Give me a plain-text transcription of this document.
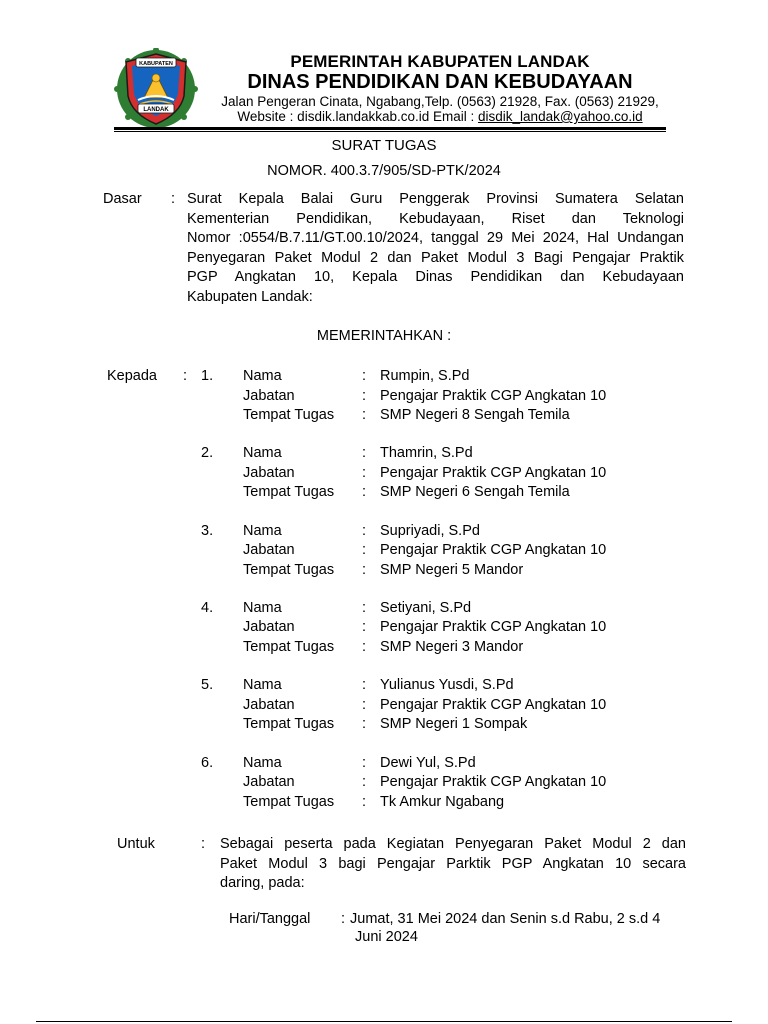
KABUPATEN
LANDAK
PEMERINTAH KABUPATEN LANDAK
DINAS PENDIDIKAN DAN KEBUDAYAAN
Jalan Pengeran Cinata, Ngabang,Telp. (0563) 21928, Fax. (0563) 21929,
Website : disdik.landakkab.co.id Email : disdik_landak@yahoo.co.id
SURAT TUGAS
NOMOR. 400.3.7/905/SD-PTK/2024
Dasar : Surat Kepala Balai Guru Penggerak Provinsi Sumatera Selatan
Kementerian Pendidikan, Kebudayaan, Riset dan Teknologi
Nomor :0554/B.7.11/GT.00.10/2024, tanggal 29 Mei 2024, Hal Undangan
Penyegaran Paket Modul 2 dan Paket Modul 3 Bagi Pengajar Praktik
PGP Angkatan 10, Kepala Dinas Pendidikan dan Kebudayaan
Kabupaten Landak:
MEMERINTAHKAN :
Kepada : 1. Nama	: Rumpin, S.Pd
Jabatan	: Pengajar Praktik CGP Angkatan 10
Tempat Tugas : SMP Negeri 8 Sengah Temila
2. Nama	: Thamrin, S.Pd
Jabatan	: Pengajar Praktik CGP Angkatan 10
Tempat Tugas : SMP Negeri 6 Sengah Temila
3. Nama	: Supriyadi, S.Pd
Jabatan	: Pengajar Praktik CGP Angkatan 10
Tempat Tugas : SMP Negeri 5 Mandor
4. Nama	: Setiyani, S.Pd
Jabatan	: Pengajar Praktik CGP Angkatan 10
Tempat Tugas : SMP Negeri 3 Mandor
5. Nama	: Yulianus Yusdi, S.Pd
Jabatan	: Pengajar Praktik CGP Angkatan 10
Tempat Tugas : SMP Negeri 1 Sompak
6. Nama	: Dewi Yul, S.Pd
Jabatan	: Pengajar Praktik CGP Angkatan 10
Tempat Tugas : Tk Amkur Ngabang
Untuk	: Sebagai peserta pada Kegiatan Penyegaran Paket Modul 2 dan
Paket Modul 3 bagi Pengajar Parktik PGP Angkatan 10 secara
daring, pada:
Hari/Tanggal : Jumat, 31 Mei 2024 dan Senin s.d Rabu, 2 s.d 4
Juni 2024
